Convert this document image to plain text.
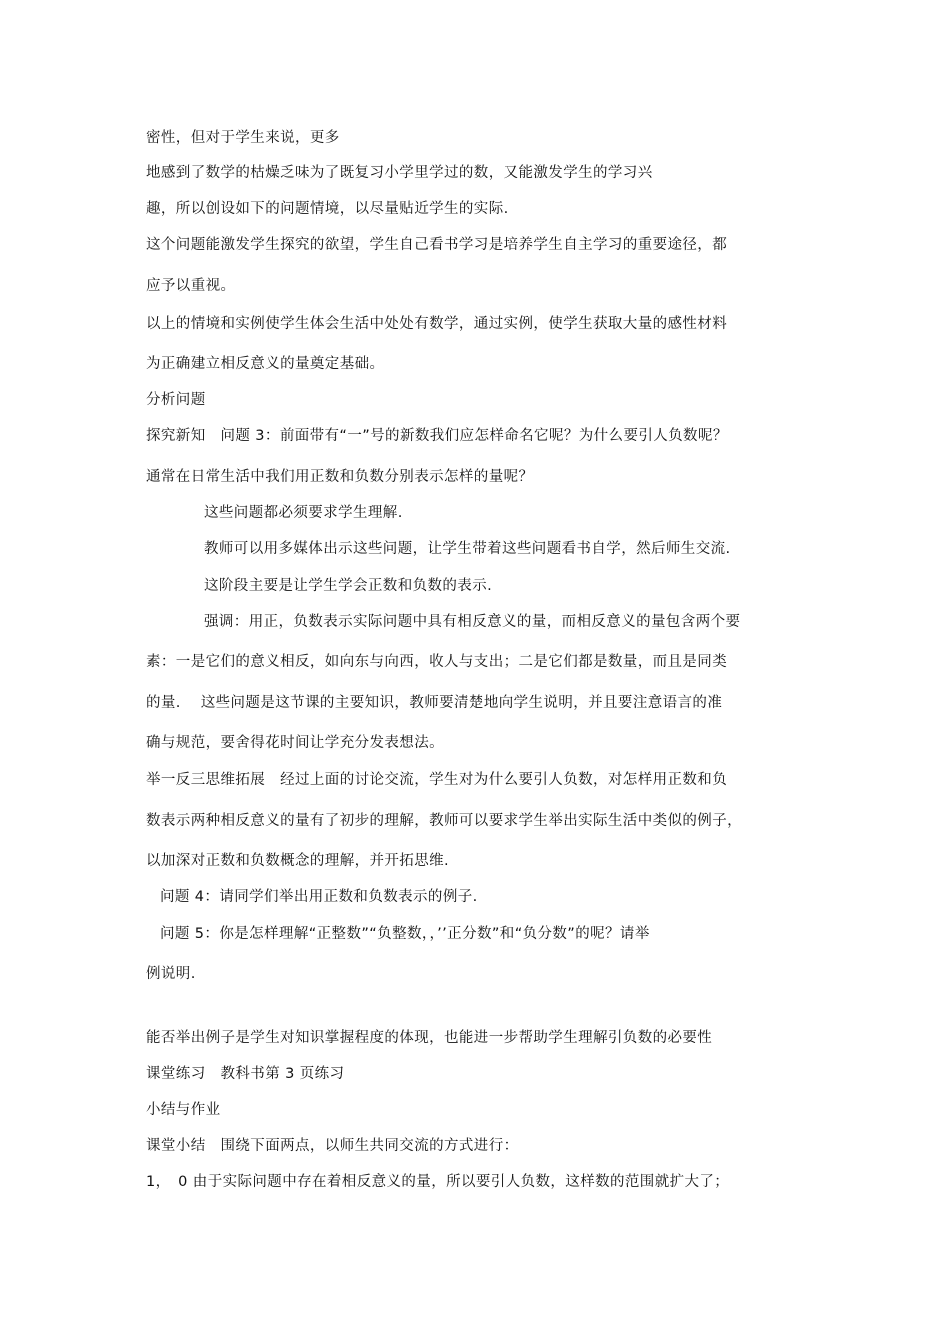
密性，但对于学生来说，更多
地感到了数学的枯燥乏味为了既复习小学里学过的数，又能激发学生的学习兴
趣，所以创设如下的问题情境，以尽量贴近学生的实际.
这个问题能激发学生探究的欲望，学生自己看书学习是培养学生自主学习的重要途径，都
应予以重视。
以上的情境和实例使学生体会生活中处处有数学，通过实例，使学生获取大量的感性材料
为正确建立相反意义的量奠定基础。
分析问题
探究新知　问题 3：前面带有“一”号的新数我们应怎样命名它呢？为什么要引人负数呢？
通常在日常生活中我们用正数和负数分别表示怎样的量呢？
这些问题都必须要求学生理解.
教师可以用多媒体出示这些问题，让学生带着这些问题看书自学，然后师生交流.
这阶段主要是让学生学会正数和负数的表示.
强调：用正，负数表示实际问题中具有相反意义的量，而相反意义的量包含两个要
素：一是它们的意义相反，如向东与向西，收人与支出；二是它们都是数量，而且是同类
的量.　 这些问题是这节课的主要知识，教师要清楚地向学生说明，并且要注意语言的准
确与规范，要舍得花时间让学充分发表想法。
举一反三思维拓展　经过上面的讨论交流，学生对为什么要引人负数，对怎样用正数和负
数表示两种相反意义的量有了初步的理解，教师可以要求学生举出实际生活中类似的例子，
以加深对正数和负数概念的理解，并开拓思维.
问题 4：请同学们举出用正数和负数表示的例子.
问题 5：你是怎样理解“正整数”“负整数，，’’正分数”和“负分数”的呢？请举
例说明.
能否举出例子是学生对知识掌握程度的体现，也能进一步帮助学生理解引负数的必要性
课堂练习　教科书第 3 页练习
小结与作业
课堂小结　围绕下面两点，以师生共同交流的方式进行：
1，　0 由于实际问题中存在着相反意义的量，所以要引人负数，这样数的范围就扩大了；
